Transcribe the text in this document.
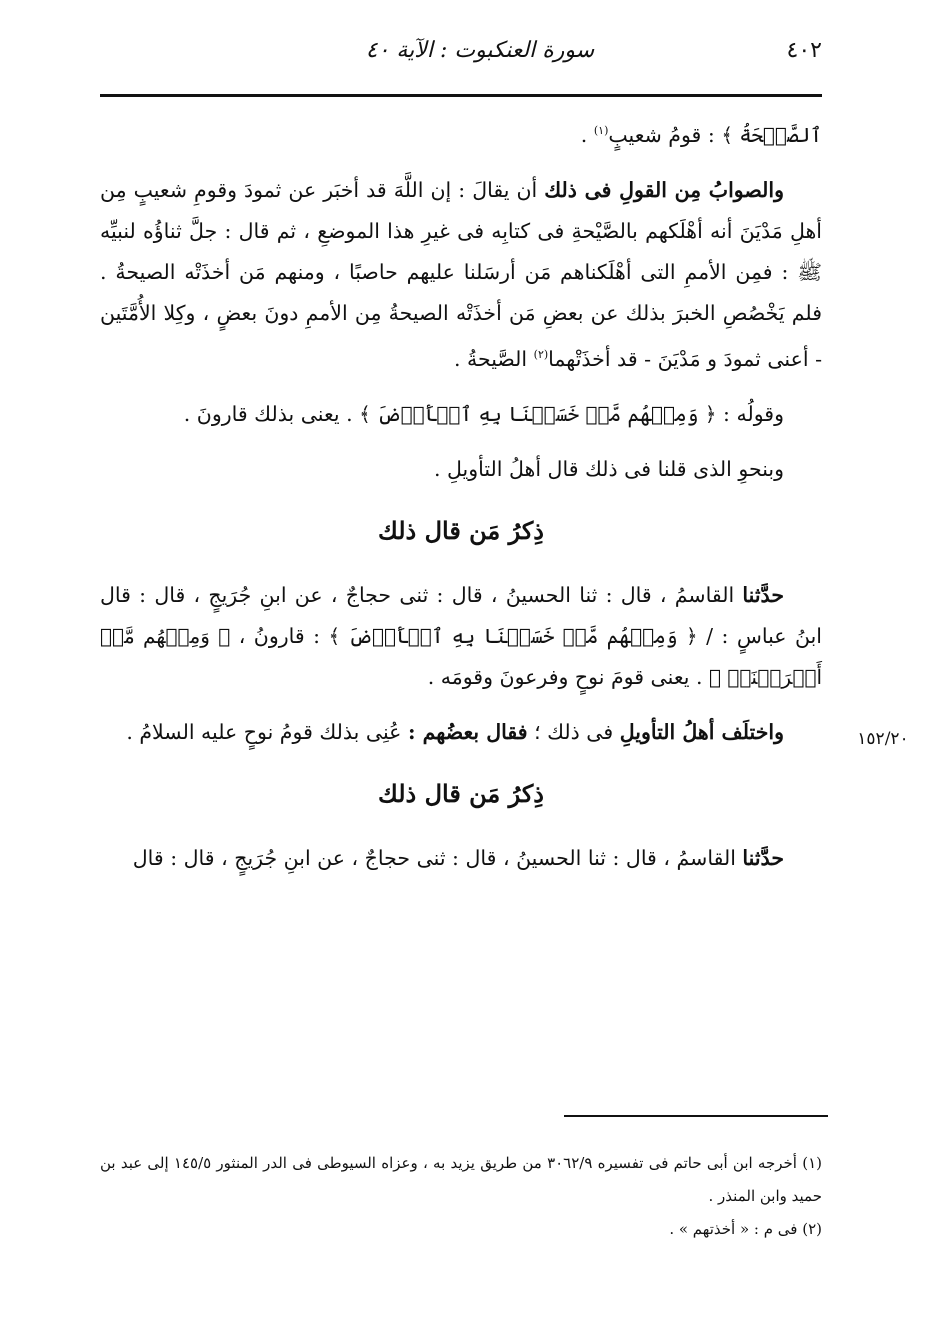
٤٠٢
سورة العنكبوت : الآية ٤٠

ٱلصَّيۡحَةُ ﴾ : قومُ شعيبٍ$^{(١)}$ .

والصوابُ مِن القولِ فى ذلك أن يقالَ : إن اللَّهَ قد أخبَر عن ثمودَ وقومِ شعيبٍ مِن أهلِ مَدْيَنَ أنه أهْلَكهم بالصَّيْحةِ فى كتابِه فى غيرِ هذا الموضعِ ، ثم قال : جلَّ ثناؤُه لنبيِّه ﷺ : فمِن الأممِ التى أهْلَكناهم مَن أرسَلنا عليهم حاصبًا ، ومنهم مَن أخذَتْه الصيحةُ . فلم يَخْصُصِ الخبرَ بذلك عن بعضِ مَن أخذَتْه الصيحةُ مِن الأممِ دونَ بعضٍ ، وكِلا الأُمَّتَين - أعنى ثمودَ و مَدْيَنَ - قد أخذَتْهما$^{(٢)}$ الصَّيحةُ .

وقولُه : ﴿ وَمِنۡهُم مَّنۡ خَسَفۡنَا بِهِ ٱلۡأَرۡضَ ﴾ . يعنى بذلك قارونَ .

وبنحوِ الذى قلنا فى ذلك قال أهلُ التأويلِ .

ذِكرُ مَن قال ذلك

حدَّثنا القاسمُ ، قال : ثنا الحسينُ ، قال : ثنى حجاجٌ ، عن ابنِ جُرَيجٍ ، قال : قال ابنُ عباسٍ : / ﴿ وَمِنۡهُم مَّنۡ خَسَفۡنَا بِهِ ٱلۡأَرۡضَ ﴾ : قارونُ ، ﴿ وَمِنۡهُم مَّنۡ أَغۡرَقۡنَاۚ ﴾ . يعنى قومَ نوحٍ وفرعونَ وقومَه .

واختلَف أهلُ التأويلِ فى ذلك ؛ فقال بعضُهم : عُنِى بذلك قومُ نوحٍ عليه السلامُ .

ذِكرُ مَن قال ذلك

حدَّثنا القاسمُ ، قال : ثنا الحسينُ ، قال : ثنى حجاجٌ ، عن ابنِ جُرَيجٍ ، قال : قال

١٥٢/٢٠

(١) أخرجه ابن أبى حاتم فى تفسيره ٣٠٦٢/٩ من طريق يزيد به ، وعزاه السيوطى فى الدر المنثور ١٤٥/٥ إلى عبد بن حميد وابن المنذر .

(٢) فى م : « أخذتهم » .
